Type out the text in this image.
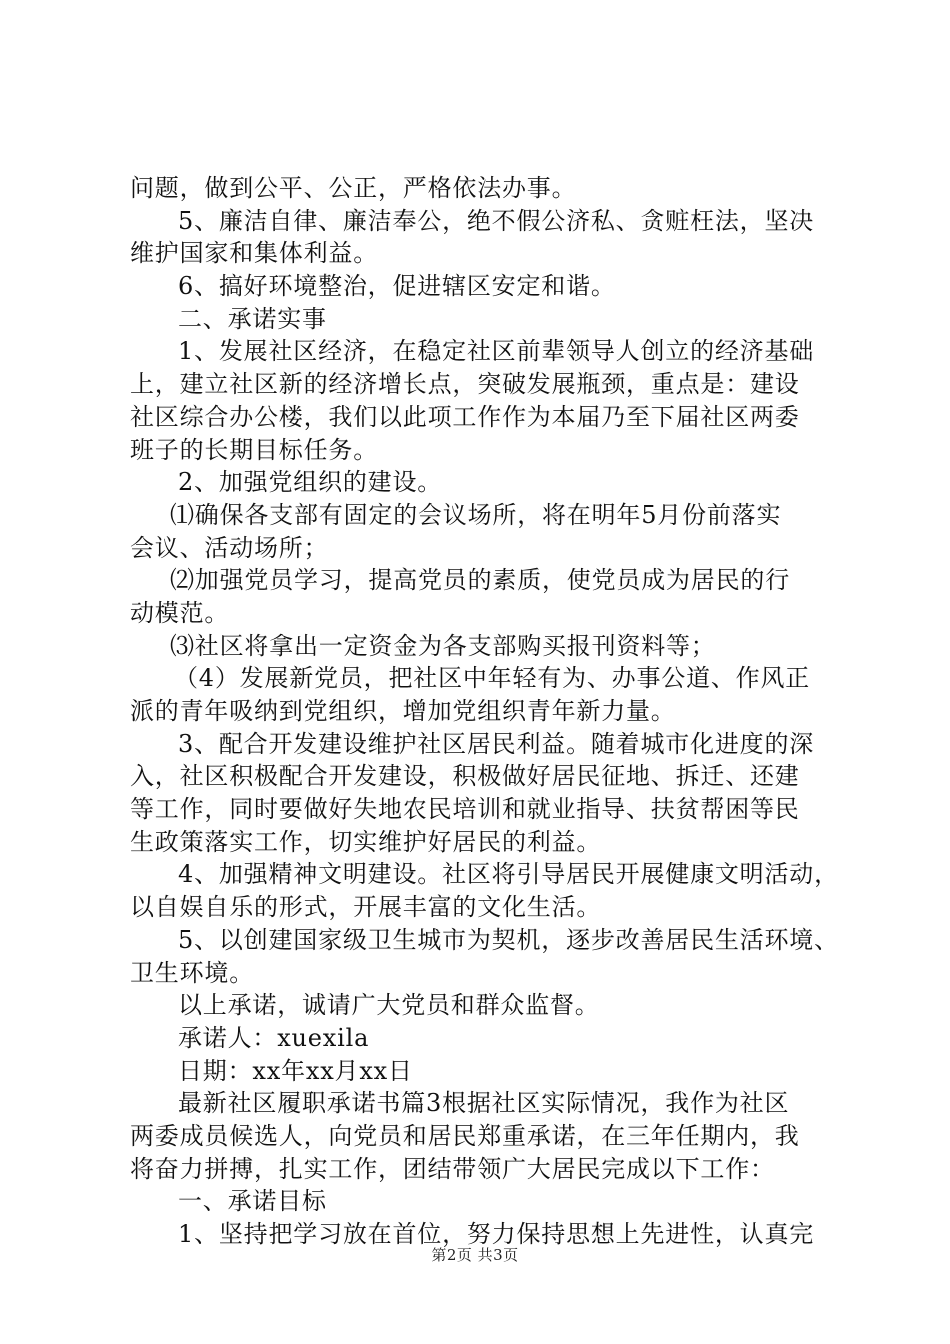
问题，做到公平、公正，严格依法办事。
5、廉洁自律、廉洁奉公，绝不假公济私、贪赃枉法，坚决
维护国家和集体利益。
6、搞好环境整治，促进辖区安定和谐。
二、承诺实事
1、发展社区经济，在稳定社区前辈领导人创立的经济基础
上，建立社区新的经济增长点，突破发展瓶颈，重点是：建设
社区综合办公楼，我们以此项工作作为本届乃至下届社区两委
班子的长期目标任务。
2、加强党组织的建设。
⑴确保各支部有固定的会议场所，将在明年5月份前落实
会议、活动场所；
⑵加强党员学习，提高党员的素质，使党员成为居民的行
动模范。
⑶社区将拿出一定资金为各支部购买报刊资料等；
（4）发展新党员，把社区中年轻有为、办事公道、作风正
派的青年吸纳到党组织，增加党组织青年新力量。
3、配合开发建设维护社区居民利益。随着城市化进度的深
入，社区积极配合开发建设，积极做好居民征地、拆迁、还建
等工作，同时要做好失地农民培训和就业指导、扶贫帮困等民
生政策落实工作，切实维护好居民的利益。
4、加强精神文明建设。社区将引导居民开展健康文明活动，
以自娱自乐的形式，开展丰富的文化生活。
5、以创建国家级卫生城市为契机，逐步改善居民生活环境、
卫生环境。
以上承诺，诚请广大党员和群众监督。
承诺人：xuexila
日期：xx年xx月xx日
最新社区履职承诺书篇3根据社区实际情况，我作为社区
两委成员候选人，向党员和居民郑重承诺，在三年任期内，我
将奋力拼搏，扎实工作，团结带领广大居民完成以下工作：
一、承诺目标
1、坚持把学习放在首位，努力保持思想上先进性，认真完
第2页 共3页
